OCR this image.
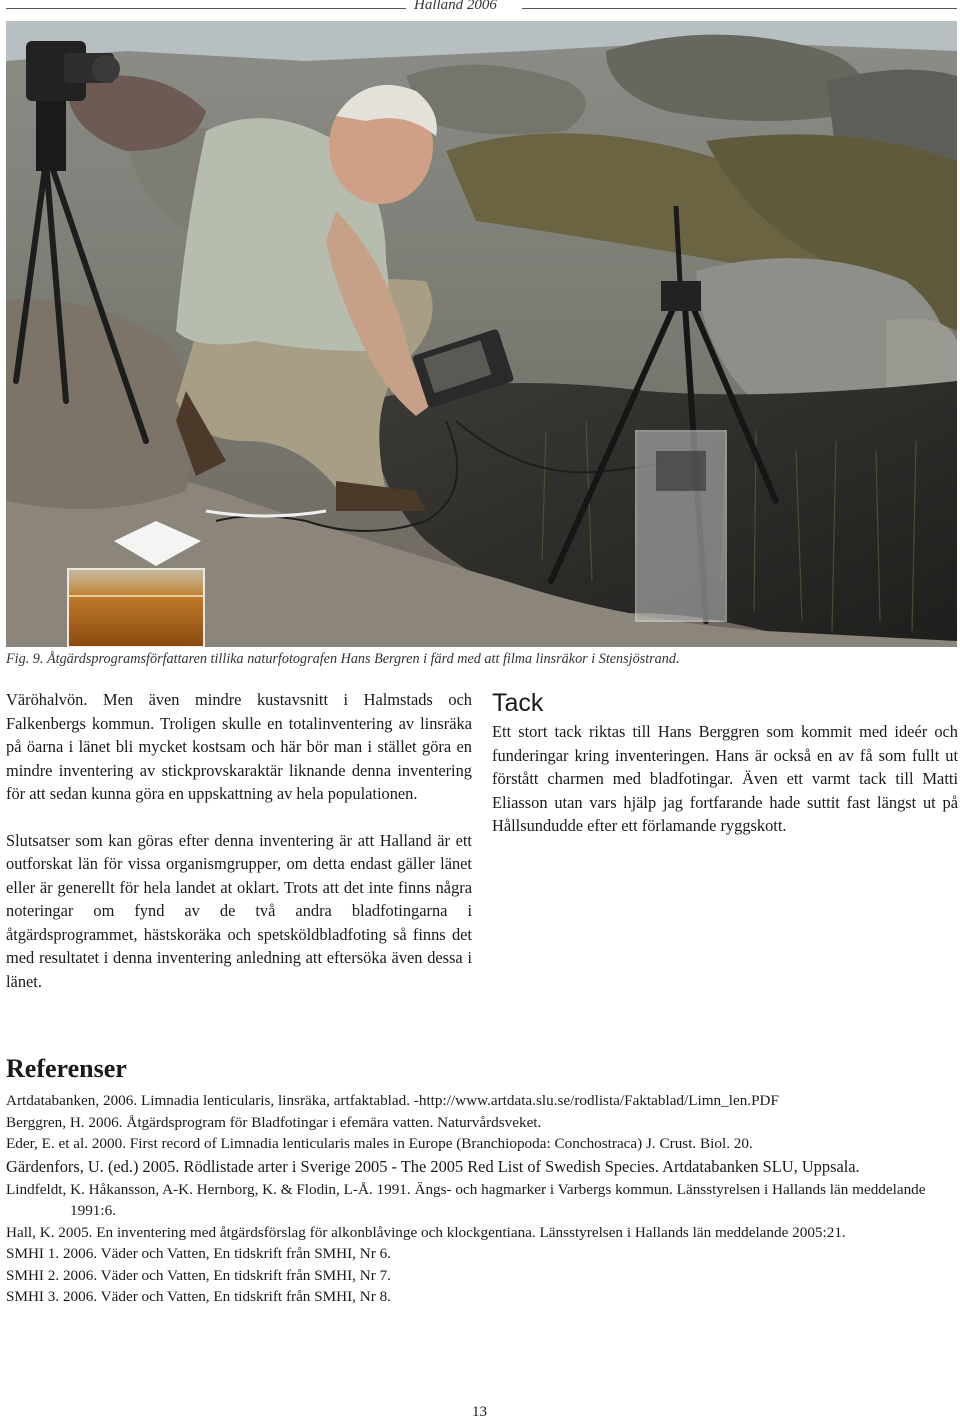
Halland 2006
Fig. 9. Åtgärdsprogramsförfattaren tillika naturfotografen Hans Bergren i färd med att filma linsräkor i Stensjöstrand.

Väröhalvön. Men även mindre kustavsnitt i Halmstads och Falkenbergs kommun. Troligen skulle en totalinventering av linsräka på öarna i länet bli mycket kostsam och här bör man i stället göra en mindre inventering av stickprovskaraktär liknande denna inventering för att sedan kunna göra en uppskattning av hela populationen.

Slutsatser som kan göras efter denna inventering är att Halland är ett outforskat län för vissa organismgrupper, om detta endast gäller länet eller är generellt för hela landet at oklart. Trots att det inte finns några noteringar om fynd av de två andra bladfotingarna i åtgärdsprogrammet, hästskoräka och spetsköldbladfoting så finns det med resultatet i denna inventering anledning att eftersöka även dessa i länet.

Tack

Ett stort tack riktas till Hans Berggren som kommit med ideér och funderingar kring inventeringen. Hans är också en av få som fullt ut förstått charmen med bladfotingar. Även ett varmt tack till Matti Eliasson utan vars hjälp jag fortfarande hade suttit fast längst ut på Hållsundudde efter ett förlamande ryggskott.

Referenser
Artdatabanken, 2006. Limnadia lenticularis, linsräka, artfaktablad. -http://www.artdata.slu.se/rodlista/Faktablad/Limn_len.PDF
Berggren, H. 2006. Åtgärdsprogram för Bladfotingar i efemära vatten. Naturvårdsveket.
Eder, E. et al. 2000. First record of Limnadia lenticularis males in Europe (Branchiopoda: Conchostraca) J. Crust. Biol. 20.
Gärdenfors, U. (ed.) 2005. Rödlistade arter i Sverige 2005 - The 2005 Red List of Swedish Species. Artdatabanken SLU, Uppsala.
Lindfeldt, K. Håkansson, A-K. Hernborg, K. & Flodin, L-Å. 1991. Ängs- och hagmarker i Varbergs kommun. Länsstyrelsen i Hallands län meddelande 1991:6.
Hall, K. 2005. En inventering med åtgärdsförslag för alkonblåvinge och klockgentiana. Länsstyrelsen i Hallands län meddelande 2005:21.
SMHI 1. 2006. Väder och Vatten, En tidskrift från SMHI, Nr 6.
SMHI 2. 2006. Väder och Vatten, En tidskrift från SMHI, Nr 7.
SMHI 3. 2006. Väder och Vatten, En tidskrift från SMHI, Nr 8.
13
